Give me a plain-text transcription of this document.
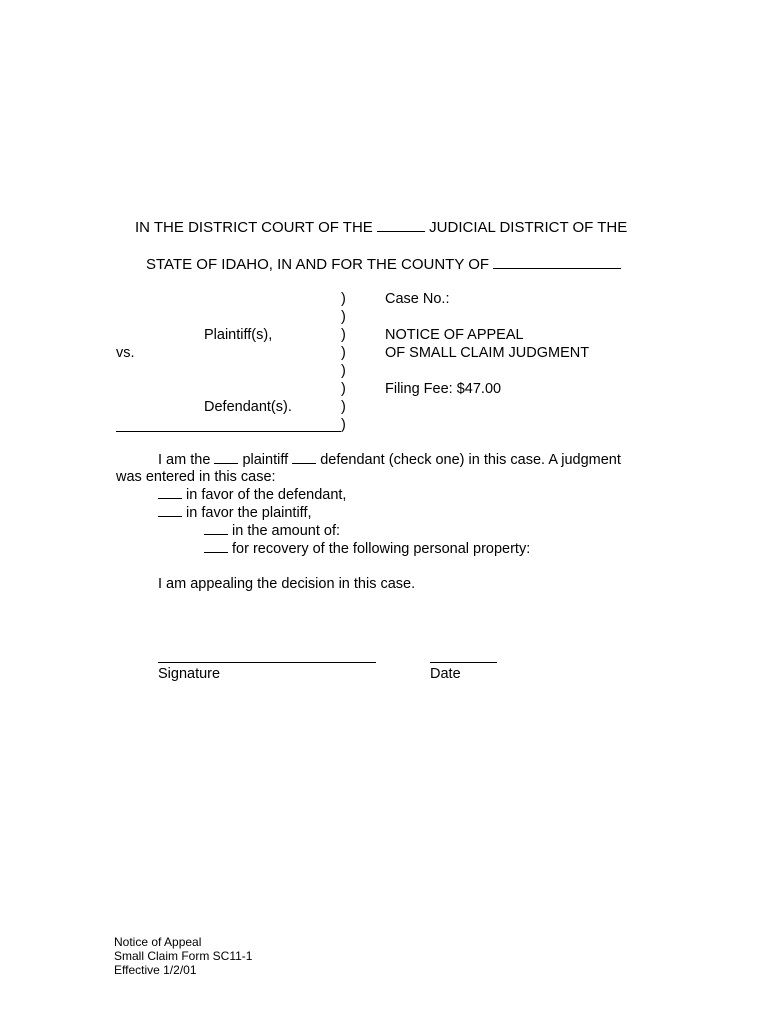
IN THE DISTRICT COURT OF THE	JUDICIAL DISTRICT OF THE
STATE OF IDAHO, IN AND FOR THE COUNTY OF
)
)
)
)
)
)
)
)
Plaintiff(s),
vs.
Defendant(s).
Case No.:
NOTICE OF APPEAL
OF SMALL CLAIM JUDGMENT
Filing Fee: $47.00
I am the plaintiff defendant (check one) in this case. A judgment
was entered in this case:
in favor of the defendant,
in favor the plaintiff,
in the amount of:
for recovery of the following personal property:
I am appealing the decision in this case.
Signature	Date
Notice of Appeal
Small Claim Form SC11-1
Effective 1/2/01
